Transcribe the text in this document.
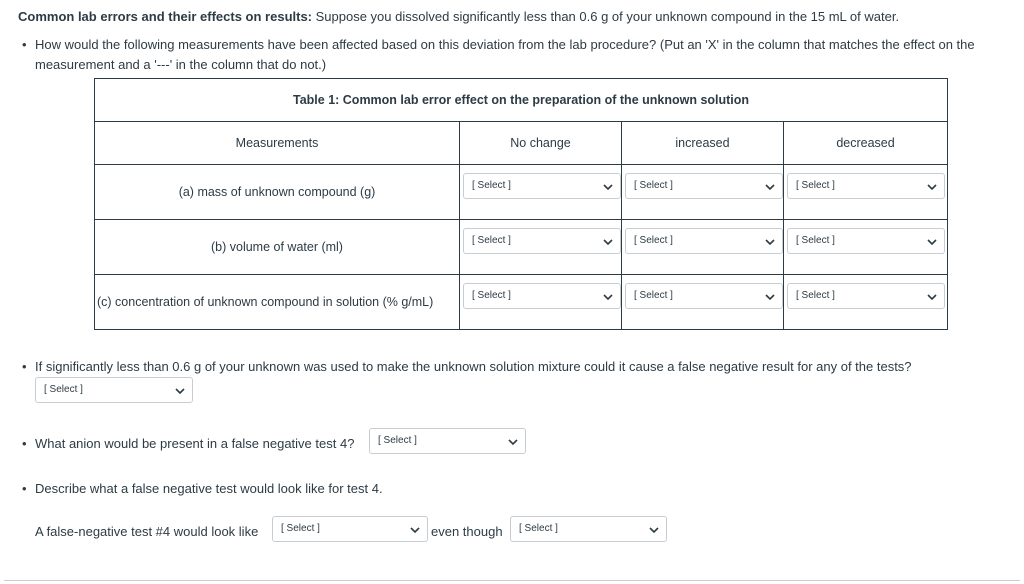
Common lab errors and their effects on results: Suppose you dissolved significantly less than 0.6 g of your unknown compound in the 15 mL of water.
• How would the following measurements have been affected based on this deviation from the lab procedure? (Put an 'X' in the column that matches the effect on the
measurement and a '---' in the column that do not.)
Table 1: Common lab error effect on the preparation of the unknown solution			
Measurements	No change	increased	decreased
(a) mass of unknown compound (g)	[ Select ]	[ Select ]	[ Select ]

(b) volume of water (ml)	[ Select ]	[ Select ]	[ Select ]

(c) concentration of unknown compound in solution (% g/mL)	[ Select ]	[ Select ]	[ Select ]
• If significantly less than 0.6 g of your unknown was used to make the unknown solution mixture could it cause a false negative result for any of the tests?
[ Select ]
• What anion would be present in a false negative test 4? [ Select ]
• Describe what a false negative test would look like for test 4.
A false-negative test #4 would look like [ Select ]	even though [ Select ]
